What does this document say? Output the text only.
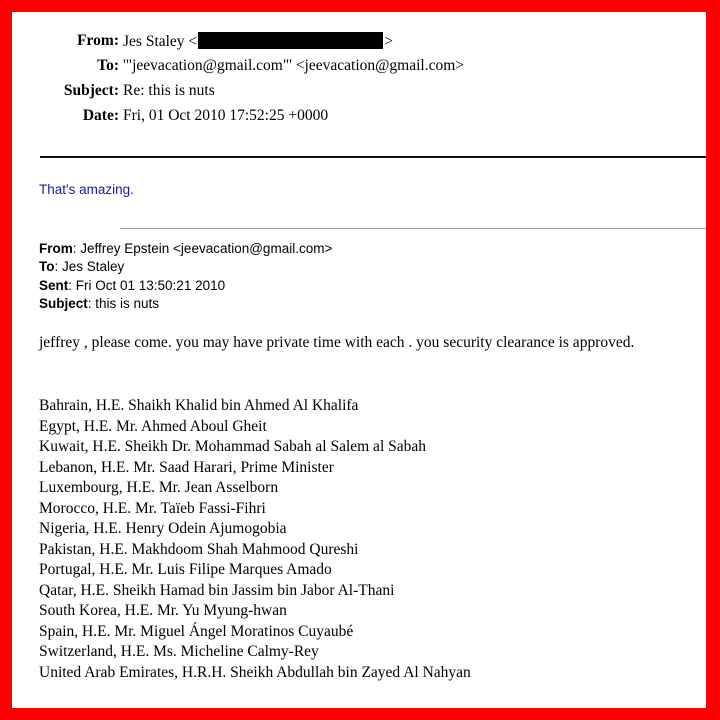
From: Jes Staley <	>
To: '"jeevacation@gmail.com"' <jeevacation@gmail.com>
Subject: Re: this is nuts
Date: Fri, 01 Oct 2010 17:52:25 +0000
That's amazing.
From: Jeffrey Epstein <jeevacation@gmail.com>
To: Jes Staley
Sent: Fri Oct 01 13:50:21 2010
Subject: this is nuts
jeffrey , please come. you may have private time with each . you security clearance is approved.
Bahrain, H.E. Shaikh Khalid bin Ahmed Al Khalifa
Egypt, H.E. Mr. Ahmed Aboul Gheit
Kuwait, H.E. Sheikh Dr. Mohammad Sabah al Salem al Sabah
Lebanon, H.E. Mr. Saad Harari, Prime Minister
Luxembourg, H.E. Mr. Jean Asselborn
Morocco, H.E. Mr. Taïeb Fassi-Fihri
Nigeria, H.E. Henry Odein Ajumogobia
Pakistan, H.E. Makhdoom Shah Mahmood Qureshi
Portugal, H.E. Mr. Luis Filipe Marques Amado
Qatar, H.E. Sheikh Hamad bin Jassim bin Jabor Al-Thani
South Korea, H.E. Mr. Yu Myung-hwan
Spain, H.E. Mr. Miguel Ángel Moratinos Cuyaubé
Switzerland, H.E. Ms. Micheline Calmy-Rey
United Arab Emirates, H.R.H. Sheikh Abdullah bin Zayed Al Nahyan
